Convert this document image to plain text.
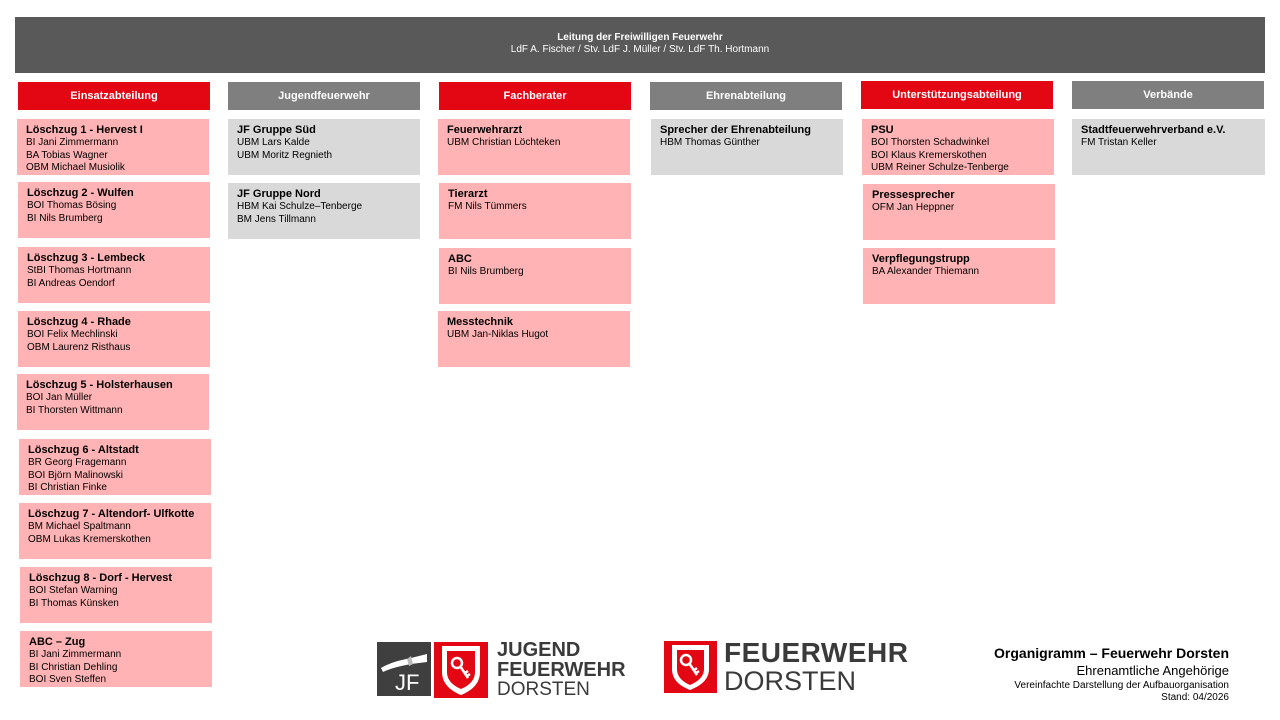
Leitung der Freiwilligen Feuerwehr
LdF A. Fischer / Stv. LdF J. Müller / Stv. LdF Th. Hortmann
Einsatzabteilung	Jugendfeuerwehr	Fachberater	Ehrenabteilung	Unterstützungsabteilung	Verbände
Löschzug 1 - Hervest I
BI Jani Zimmermann
BA Tobias Wagner
OBM Michael Musiolik
Löschzug 2 - Wulfen
BOI Thomas Bösing
BI Nils Brumberg
Löschzug 3 - Lembeck
StBI Thomas Hortmann
BI Andreas Oendorf
Löschzug 4 - Rhade
BOI Felix Mechlinski
OBM Laurenz Risthaus
Löschzug 5 - Holsterhausen
BOI Jan Müller
BI Thorsten Wittmann
Löschzug 6 - Altstadt
BR Georg Fragemann
BOI Björn Malinowski
BI Christian Finke
Löschzug 7 - Altendorf- Ulfkotte
BM Michael Spaltmann
OBM Lukas Kremerskothen
Löschzug 8 - Dorf - Hervest
BOI Stefan Warning
BI Thomas Künsken
ABC – Zug
BI Jani Zimmermann
BI Christian Dehling
BOI Sven Steffen
JF Gruppe Süd
UBM Lars Kalde
UBM Moritz Regnieth
JF Gruppe Nord
HBM Kai Schulze–Tenberge
BM Jens Tillmann
Feuerwehrarzt
UBM Christian Löchteken
Tierarzt
FM Nils Tümmers
ABC
BI Nils Brumberg
Messtechnik
UBM Jan-Niklas Hugot
Sprecher der Ehrenabteilung
HBM Thomas Günther
PSU
BOI Thorsten Schadwinkel
BOI Klaus Kremerskothen
UBM Reiner Schulze-Tenberge
Pressesprecher
OFM Jan Heppner
Verpflegungstrupp
BA Alexander Thiemann
Stadtfeuerwehrverband e.V.
FM Tristan Keller
JF
JUGEND
FEUERWEHR
DORSTEN
FEUERWEHR
DORSTEN
Organigramm – Feuerwehr Dorsten
Ehrenamtliche Angehörige
Vereinfachte Darstellung der Aufbauorganisation
Stand: 04/2026
